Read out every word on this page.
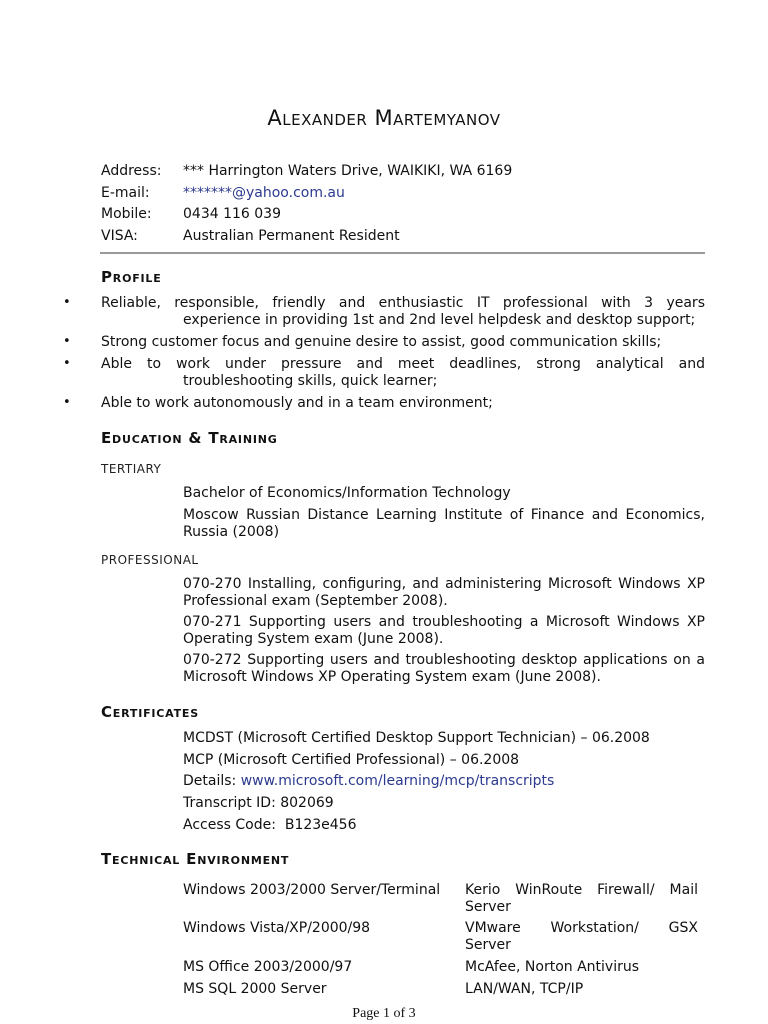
Alexander Martemyanov
Address: *** Harrington Waters Drive, WAIKIKI, WA 6169
E-mail: *******@yahoo.com.au
Mobile: 0434 116 039
VISA:	Australian Permanent Resident
Profile
• Reliable, responsible, friendly and enthusiastic IT professional with 3 years
experience in providing 1st and 2nd level helpdesk and desktop support;
• Strong customer focus and genuine desire to assist, good communication skills;
• Able to work under pressure and meet deadlines, strong analytical and
troubleshooting skills, quick learner;
• Able to work autonomously and in a team environment;
Education & Training
TERTIARY
Bachelor of Economics/Information Technology
Moscow Russian Distance Learning Institute of Finance and Economics, Russia (2008)
PROFESSIONAL
070-270 Installing, configuring, and administering Microsoft Windows XP Professional exam (September 2008).
070-271 Supporting users and troubleshooting a Microsoft Windows XP Operating System exam (June 2008).
070-272 Supporting users and troubleshooting desktop applications on a Microsoft Windows XP Operating System exam (June 2008).
Certificates
MCDST (Microsoft Certified Desktop Support Technician) – 06.2008
MCP (Microsoft Certified Professional) – 06.2008
Details: www.microsoft.com/learning/mcp/transcripts
Transcript ID: 802069
Access Code:  B123e456
Technical Environment
Windows 2003/2000 Server/Terminal
Windows Vista/XP/2000/98
MS Office 2003/2000/97
MS SQL 2000 Server
Kerio WinRoute Firewall/ Mail
Server
VMware Workstation/ GSX
Server
McAfee, Norton Antivirus
LAN/WAN, TCP/IP
Page 1 of 3
